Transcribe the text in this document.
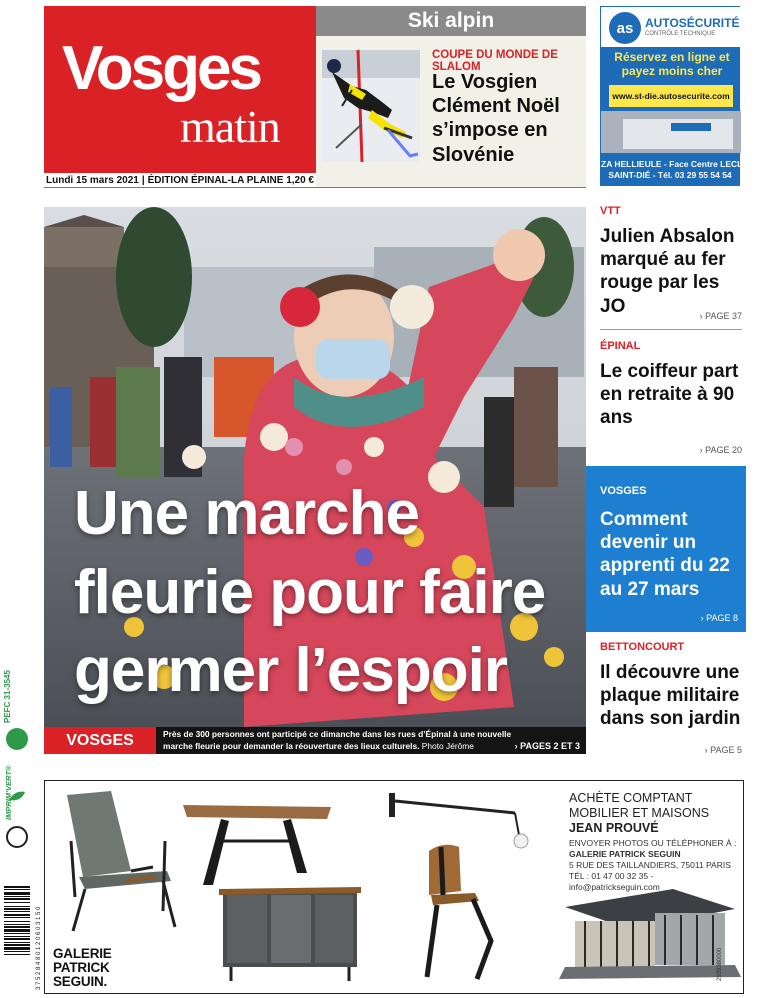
Vosges
matin
Lundi 15 mars 2021 | ÉDITION ÉPINAL-LA PLAINE 1,20 €
Ski alpin
COUPE DU MONDE DE SLALOM
Le Vosgien Clément Noël s’impose en Slovénie
as AUTOSÉCURITÉ
CONTRÔLE TECHNIQUE
Réservez en ligne et payez moins cher
www.st-die.autosecurite.com
ZA HELLIEULE - Face Centre LECLERC
SAINT-DIÉ - Tél. 03 29 55 54 54
Une marche fleurie pour faire germer l’espoir
VOSGES	Près de 300 personnes ont participé ce dimanche dans les rues d’Épinal à une nouvelle marche fleurie pour demander la réouverture des lieux culturels. Photo Jérôme HUMBRECHT
› PAGES 2 ET 3
VTT
Julien Absalon marqué au fer rouge par les JO	› PAGE 37
ÉPINAL
Le coiffeur part en retraite à 90 ans
› PAGE 20
VOSGES
Comment devenir un apprenti du 22 au 27 mars
› PAGE 8
BETTONCOURT
Il découvre une plaque militaire dans son jardin
› PAGE 5
GALERIE
PATRICK
SEGUIN.
ACHÈTE COMPTANT
MOBILIER ET MAISONS
JEAN PROUVÉ
ENVOYER PHOTOS OU TÉLÉPHONER À :
GALERIE PATRICK SEGUIN
5 RUE DES TAILLANDIERS, 75011 PARIS
TÉL : 01 47 00 32 35 - info@patrickseguin.com
2939380000
PEFC 31-3545
IMPRIM’VERT®
3 7 5 2 8 4 8 0 1 2 0 6 0 3 1 5 0
